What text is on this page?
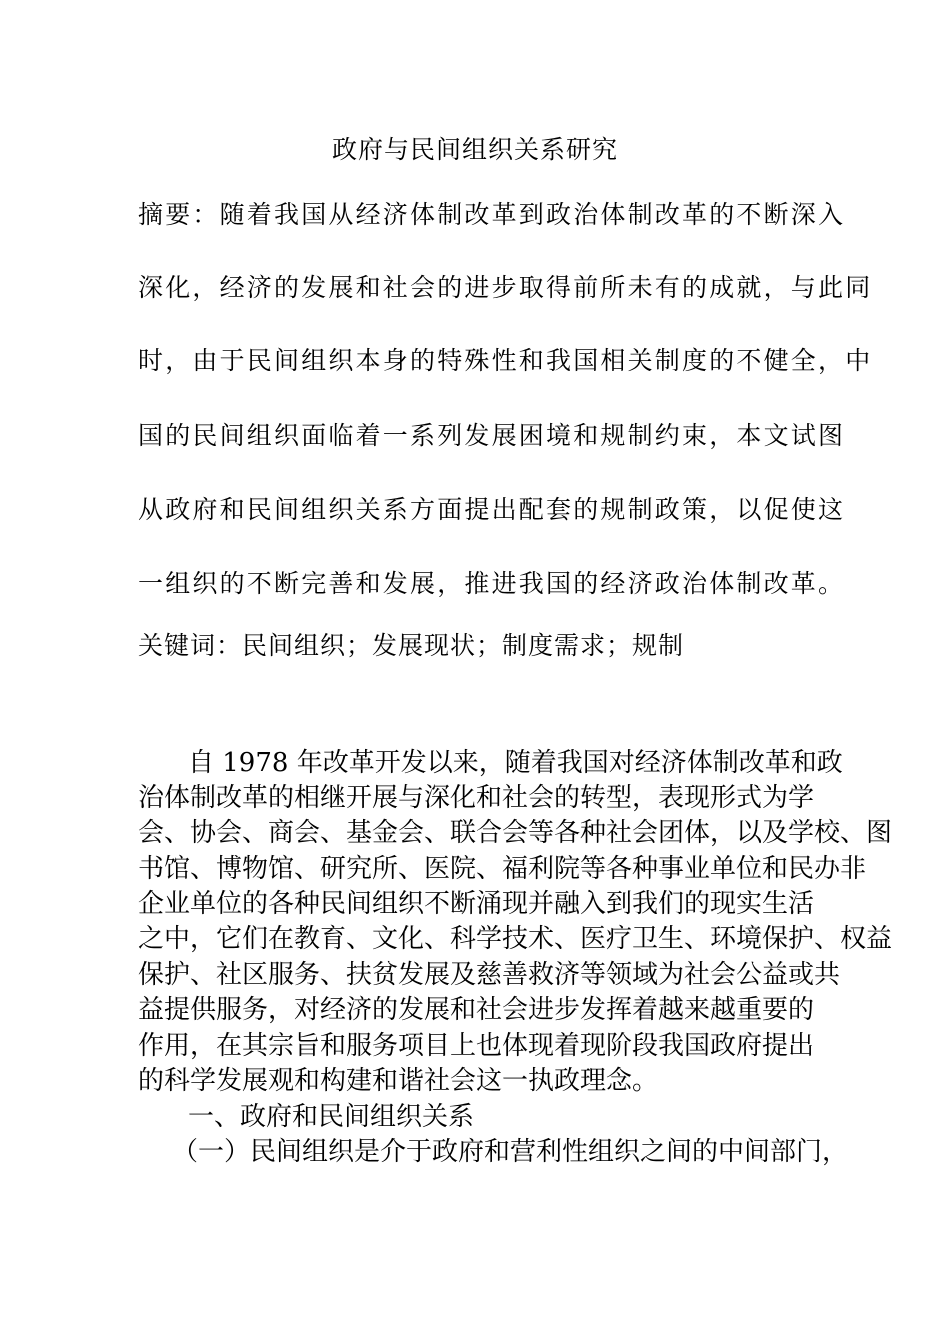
政府与民间组织关系研究
摘要：随着我国从经济体制改革到政治体制改革的不断深入
深化，经济的发展和社会的进步取得前所未有的成就，与此同
时，由于民间组织本身的特殊性和我国相关制度的不健全，中
国的民间组织面临着一系列发展困境和规制约束，本文试图
从政府和民间组织关系方面提出配套的规制政策，以促使这
一组织的不断完善和发展，推进我国的经济政治体制改革。
关键词：民间组织；发展现状；制度需求；规制
自 1978 年改革开发以来，随着我国对经济体制改革和政
治体制改革的相继开展与深化和社会的转型，表现形式为学
会、协会、商会、基金会、联合会等各种社会团体，以及学校、图
书馆、博物馆、研究所、医院、福利院等各种事业单位和民办非
企业单位的各种民间组织不断涌现并融入到我们的现实生活
之中，它们在教育、文化、科学技术、医疗卫生、环境保护、权益
保护、社区服务、扶贫发展及慈善救济等领域为社会公益或共
益提供服务，对经济的发展和社会进步发挥着越来越重要的
作用，在其宗旨和服务项目上也体现着现阶段我国政府提出
的科学发展观和构建和谐社会这一执政理念。
一、政府和民间组织关系
（一）民间组织是介于政府和营利性组织之间的中间部门，
